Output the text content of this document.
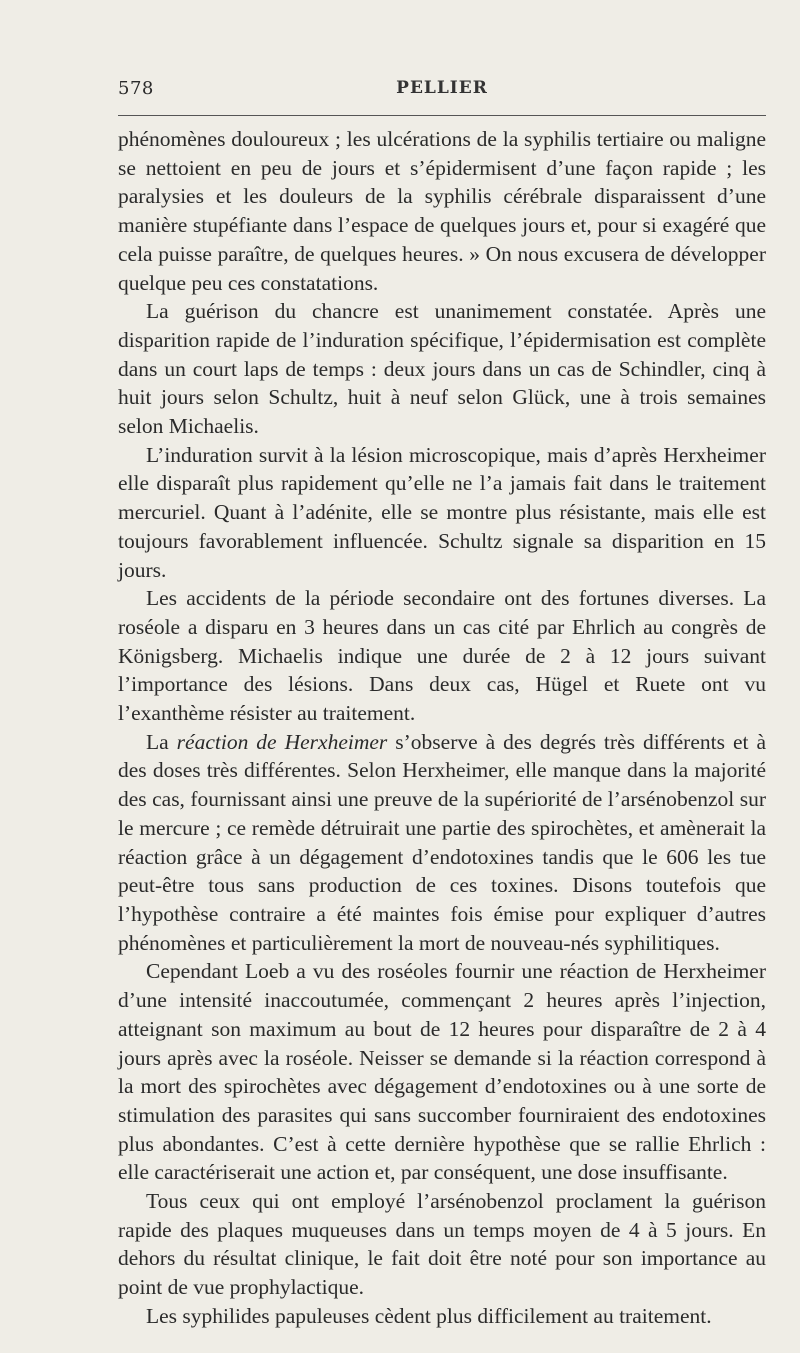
578	PELLIER

phénomènes douloureux ; les ulcérations de la syphilis tertiaire ou maligne se nettoient en peu de jours et s’épidermisent d’une façon rapide ; les paralysies et les douleurs de la syphilis cérébrale disparaissent d’une manière stupéfiante dans l’espace de quelques jours et, pour si exagéré que cela puisse paraître, de quelques heures. » On nous excusera de développer quelque peu ces constatations.

La guérison du chancre est unanimement constatée. Après une disparition rapide de l’induration spécifique, l’épidermisation est complète dans un court laps de temps : deux jours dans un cas de Schindler, cinq à huit jours selon Schultz, huit à neuf selon Glück, une à trois semaines selon Michaelis.

L’induration survit à la lésion microscopique, mais d’après Herxheimer elle disparaît plus rapidement qu’elle ne l’a jamais fait dans le traitement mercuriel. Quant à l’adénite, elle se montre plus résistante, mais elle est toujours favorablement influencée. Schultz signale sa disparition en 15 jours.

Les accidents de la période secondaire ont des fortunes diverses. La roséole a disparu en 3 heures dans un cas cité par Ehrlich au congrès de Königsberg. Michaelis indique une durée de 2 à 12 jours suivant l’importance des lésions. Dans deux cas, Hügel et Ruete ont vu l’exanthème résister au traitement.

La réaction de Herxheimer s’observe à des degrés très différents et à des doses très différentes. Selon Herxheimer, elle manque dans la majorité des cas, fournissant ainsi une preuve de la supériorité de l’arsénobenzol sur le mercure ; ce remède détruirait une partie des spirochètes, et amènerait la réaction grâce à un dégagement d’endotoxines tandis que le 606 les tue peut-être tous sans production de ces toxines. Disons toutefois que l’hypothèse contraire a été maintes fois émise pour expliquer d’autres phénomènes et particulièrement la mort de nouveau-nés syphilitiques.

Cependant Loeb a vu des roséoles fournir une réaction de Herxheimer d’une intensité inaccoutumée, commençant 2 heures après l’injection, atteignant son maximum au bout de 12 heures pour disparaître de 2 à 4 jours après avec la roséole. Neisser se demande si la réaction correspond à la mort des spirochètes avec dégagement d’endotoxines ou à une sorte de stimulation des parasites qui sans succomber fourniraient des endotoxines plus abondantes. C’est à cette dernière hypothèse que se rallie Ehrlich : elle caractériserait une action et, par conséquent, une dose insuffisante.

Tous ceux qui ont employé l’arsénobenzol proclament la guérison rapide des plaques muqueuses dans un temps moyen de 4 à 5 jours. En dehors du résultat clinique, le fait doit être noté pour son importance au point de vue prophylactique.

Les syphilides papuleuses cèdent plus difficilement au traitement.
